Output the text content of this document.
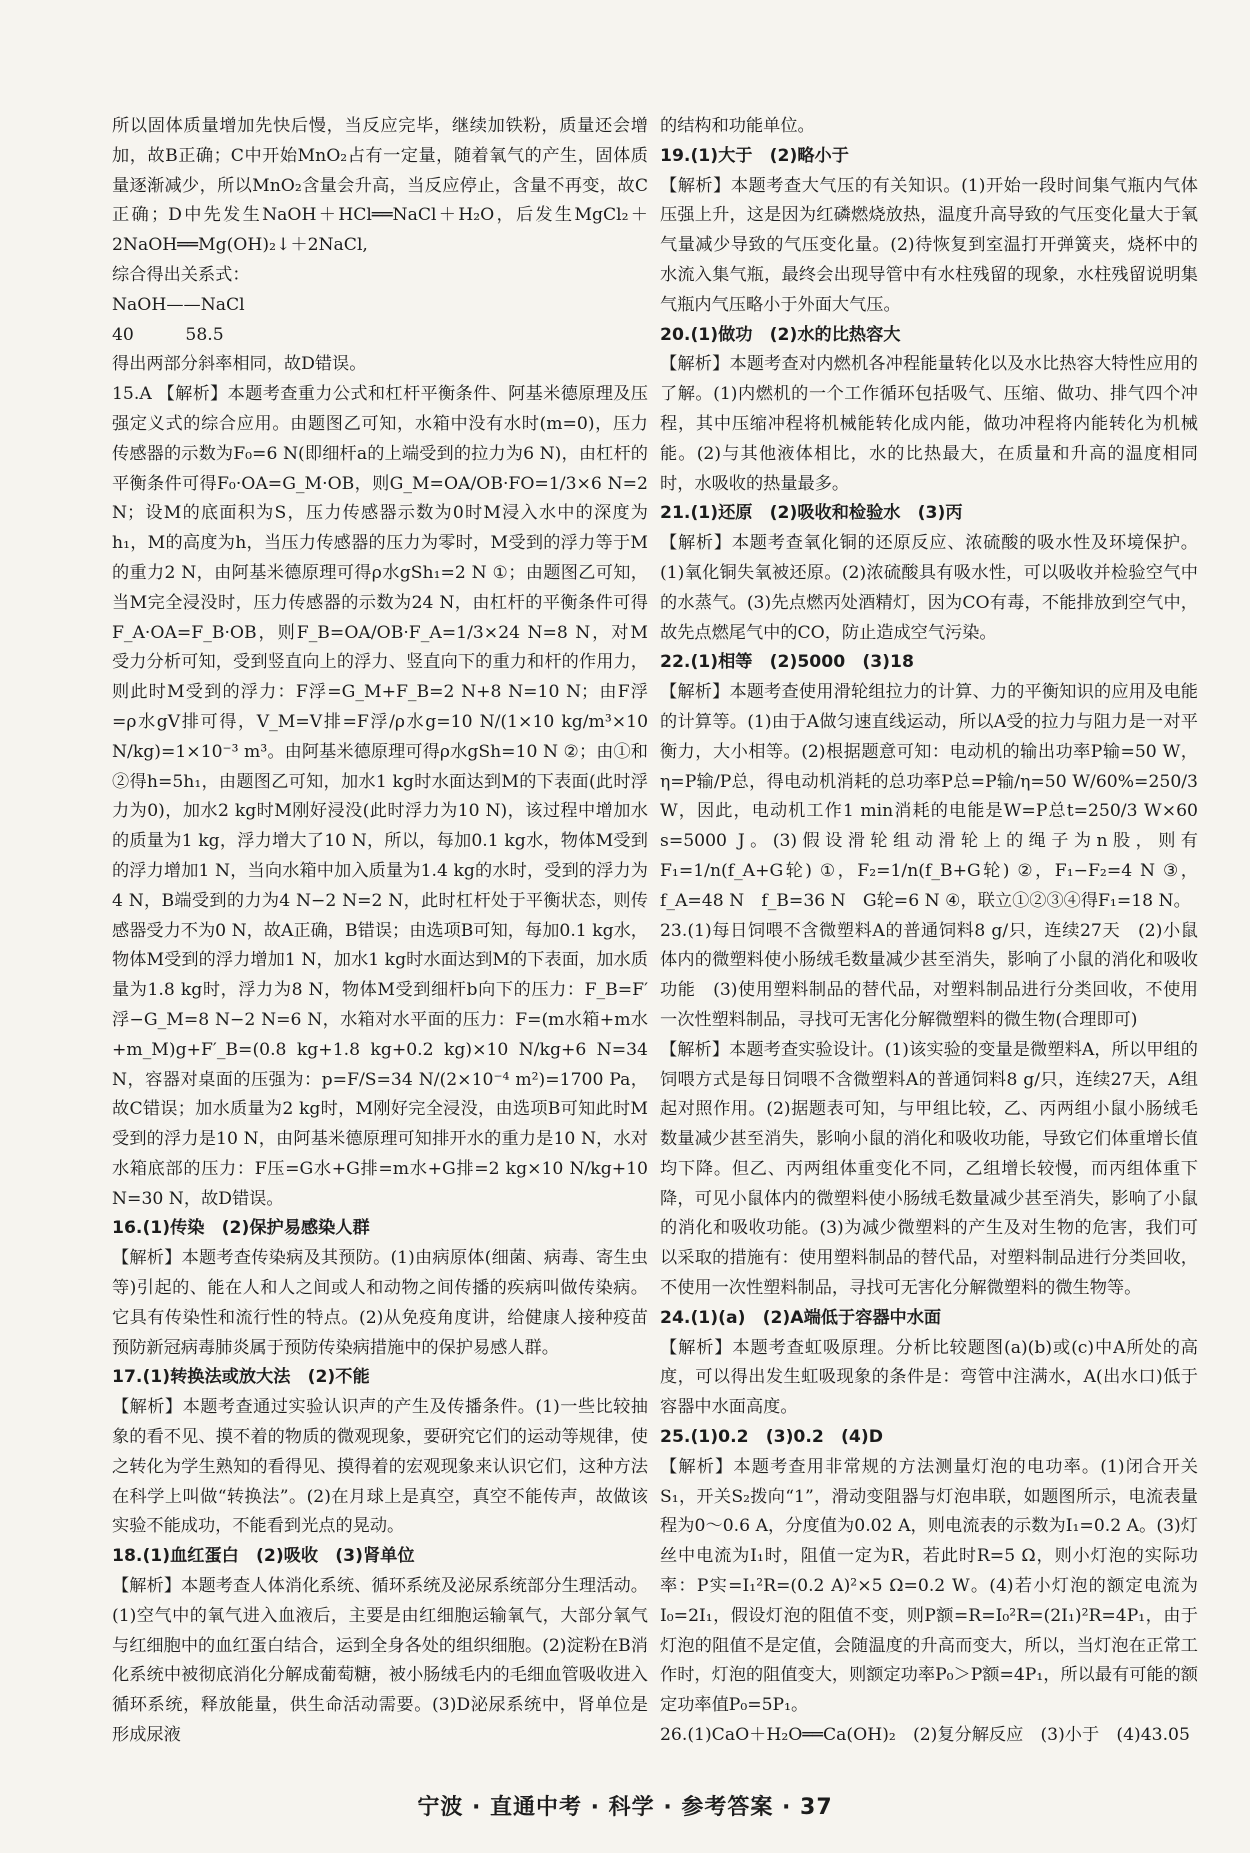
所以固体质量增加先快后慢，当反应完毕，继续加铁粉，质量还会增加，故B正确；C中开始MnO₂占有一定量，随着氧气的产生，固体质量逐渐减少，所以MnO₂含量会升高，当反应停止，含量不再变，故C正确；D中先发生NaOH＋HCl══NaCl＋H₂O，后发生MgCl₂＋2NaOH══Mg(OH)₂↓＋2NaCl,

综合得出关系式：

NaOH——NaCl

40　　　58.5

得出两部分斜率相同，故D错误。

15.A 【解析】本题考查重力公式和杠杆平衡条件、阿基米德原理及压强定义式的综合应用。由题图乙可知，水箱中没有水时(m=0)，压力传感器的示数为F₀=6 N(即细杆a的上端受到的拉力为6 N)，由杠杆的平衡条件可得F₀·OA=G_M·OB，则G_M=OA/OB·FO=1/3×6 N=2 N；设M的底面积为S，压力传感器示数为0时M浸入水中的深度为h₁，M的高度为h，当压力传感器的压力为零时，M受到的浮力等于M的重力2 N，由阿基米德原理可得ρ水gSh₁=2 N ①；由题图乙可知，当M完全浸没时，压力传感器的示数为24 N，由杠杆的平衡条件可得F_A·OA=F_B·OB，则F_B=OA/OB·F_A=1/3×24 N=8 N，对M受力分析可知，受到竖直向上的浮力、竖直向下的重力和杆的作用力，则此时M受到的浮力：F浮=G_M+F_B=2 N+8 N=10 N；由F浮=ρ水gV排可得，V_M=V排=F浮/ρ水g=10 N/(1×10 kg/m³×10 N/kg)=1×10⁻³ m³。由阿基米德原理可得ρ水gSh=10 N ②；由①和②得h=5h₁，由题图乙可知，加水1 kg时水面达到M的下表面(此时浮力为0)，加水2 kg时M刚好浸没(此时浮力为10 N)，该过程中增加水的质量为1 kg，浮力增大了10 N，所以，每加0.1 kg水，物体M受到的浮力增加1 N，当向水箱中加入质量为1.4 kg的水时，受到的浮力为4 N，B端受到的力为4 N−2 N=2 N，此时杠杆处于平衡状态，则传感器受力不为0 N，故A正确，B错误；由选项B可知，每加0.1 kg水，物体M受到的浮力增加1 N，加水1 kg时水面达到M的下表面，加水质量为1.8 kg时，浮力为8 N，物体M受到细杆b向下的压力：F_B=F′浮−G_M=8 N−2 N=6 N，水箱对水平面的压力：F=(m水箱+m水+m_M)g+F′_B=(0.8 kg+1.8 kg+0.2 kg)×10 N/kg+6 N=34 N，容器对桌面的压强为：p=F/S=34 N/(2×10⁻⁴ m²)=1700 Pa，故C错误；加水质量为2 kg时，M刚好完全浸没，由选项B可知此时M受到的浮力是10 N，由阿基米德原理可知排开水的重力是10 N，水对水箱底部的压力：F压=G水+G排=m水+G排=2 kg×10 N/kg+10 N=30 N，故D错误。

16.(1)传染　(2)保护易感染人群

【解析】本题考查传染病及其预防。(1)由病原体(细菌、病毒、寄生虫等)引起的、能在人和人之间或人和动物之间传播的疾病叫做传染病。它具有传染性和流行性的特点。(2)从免疫角度讲，给健康人接种疫苗预防新冠病毒肺炎属于预防传染病措施中的保护易感人群。

17.(1)转换法或放大法　(2)不能

【解析】本题考查通过实验认识声的产生及传播条件。(1)一些比较抽象的看不见、摸不着的物质的微观现象，要研究它们的运动等规律，使之转化为学生熟知的看得见、摸得着的宏观现象来认识它们，这种方法在科学上叫做“转换法”。(2)在月球上是真空，真空不能传声，故做该实验不能成功，不能看到光点的晃动。

18.(1)血红蛋白　(2)吸收　(3)肾单位

【解析】本题考查人体消化系统、循环系统及泌尿系统部分生理活动。(1)空气中的氧气进入血液后，主要是由红细胞运输氧气，大部分氧气与红细胞中的血红蛋白结合，运到全身各处的组织细胞。(2)淀粉在B消化系统中被彻底消化分解成葡萄糖，被小肠绒毛内的毛细血管吸收进入循环系统，释放能量，供生命活动需要。(3)D泌尿系统中，肾单位是形成尿液

的结构和功能单位。

19.(1)大于　(2)略小于

【解析】本题考查大气压的有关知识。(1)开始一段时间集气瓶内气体压强上升，这是因为红磷燃烧放热，温度升高导致的气压变化量大于氧气量减少导致的气压变化量。(2)待恢复到室温打开弹簧夹，烧杯中的水流入集气瓶，最终会出现导管中有水柱残留的现象，水柱残留说明集气瓶内气压略小于外面大气压。

20.(1)做功　(2)水的比热容大

【解析】本题考查对内燃机各冲程能量转化以及水比热容大特性应用的了解。(1)内燃机的一个工作循环包括吸气、压缩、做功、排气四个冲程，其中压缩冲程将机械能转化成内能，做功冲程将内能转化为机械能。(2)与其他液体相比，水的比热最大，在质量和升高的温度相同时，水吸收的热量最多。

21.(1)还原　(2)吸收和检验水　(3)丙

【解析】本题考查氧化铜的还原反应、浓硫酸的吸水性及环境保护。(1)氧化铜失氧被还原。(2)浓硫酸具有吸水性，可以吸收并检验空气中的水蒸气。(3)先点燃丙处酒精灯，因为CO有毒，不能排放到空气中，故先点燃尾气中的CO，防止造成空气污染。

22.(1)相等　(2)5000　(3)18

【解析】本题考查使用滑轮组拉力的计算、力的平衡知识的应用及电能的计算等。(1)由于A做匀速直线运动，所以A受的拉力与阻力是一对平衡力，大小相等。(2)根据题意可知：电动机的输出功率P输=50 W，η=P输/P总，得电动机消耗的总功率P总=P输/η=50 W/60%=250/3 W，因此，电动机工作1 min消耗的电能是W=P总t=250/3 W×60 s=5000 J。(3)假设滑轮组动滑轮上的绳子为n股，则有F₁=1/n(f_A+G轮) ①，F₂=1/n(f_B+G轮) ②，F₁−F₂=4 N ③，f_A=48 N　f_B=36 N　G轮=6 N ④，联立①②③④得F₁=18 N。

23.(1)每日饲喂不含微塑料A的普通饲料8 g/只，连续27天　(2)小鼠体内的微塑料使小肠绒毛数量减少甚至消失，影响了小鼠的消化和吸收功能　(3)使用塑料制品的替代品，对塑料制品进行分类回收，不使用一次性塑料制品，寻找可无害化分解微塑料的微生物(合理即可)

【解析】本题考查实验设计。(1)该实验的变量是微塑料A，所以甲组的饲喂方式是每日饲喂不含微塑料A的普通饲料8 g/只，连续27天，A组起对照作用。(2)据题表可知，与甲组比较，乙、丙两组小鼠小肠绒毛数量减少甚至消失，影响小鼠的消化和吸收功能，导致它们体重增长值均下降。但乙、丙两组体重变化不同，乙组增长较慢，而丙组体重下降，可见小鼠体内的微塑料使小肠绒毛数量减少甚至消失，影响了小鼠的消化和吸收功能。(3)为减少微塑料的产生及对生物的危害，我们可以采取的措施有：使用塑料制品的替代品，对塑料制品进行分类回收，不使用一次性塑料制品，寻找可无害化分解微塑料的微生物等。

24.(1)(a)　(2)A端低于容器中水面

【解析】本题考查虹吸原理。分析比较题图(a)(b)或(c)中A所处的高度，可以得出发生虹吸现象的条件是：弯管中注满水，A(出水口)低于容器中水面高度。

25.(1)0.2　(3)0.2　(4)D

【解析】本题考查用非常规的方法测量灯泡的电功率。(1)闭合开关S₁，开关S₂拨向“1”，滑动变阻器与灯泡串联，如题图所示，电流表量程为0～0.6 A，分度值为0.02 A，则电流表的示数为I₁=0.2 A。(3)灯丝中电流为I₁时，阻值一定为R，若此时R=5 Ω，则小灯泡的实际功率：P实=I₁²R=(0.2 A)²×5 Ω=0.2 W。(4)若小灯泡的额定电流为I₀=2I₁，假设灯泡的阻值不变，则P额=R=I₀²R=(2I₁)²R=4P₁，由于灯泡的阻值不是定值，会随温度的升高而变大，所以，当灯泡在正常工作时，灯泡的阻值变大，则额定功率P₀＞P额=4P₁，所以最有可能的额定功率值P₀=5P₁。

26.(1)CaO＋H₂O══Ca(OH)₂　(2)复分解反应　(3)小于　(4)43.05

宁波 · 直通中考 · 科学 · 参考答案 · 37
